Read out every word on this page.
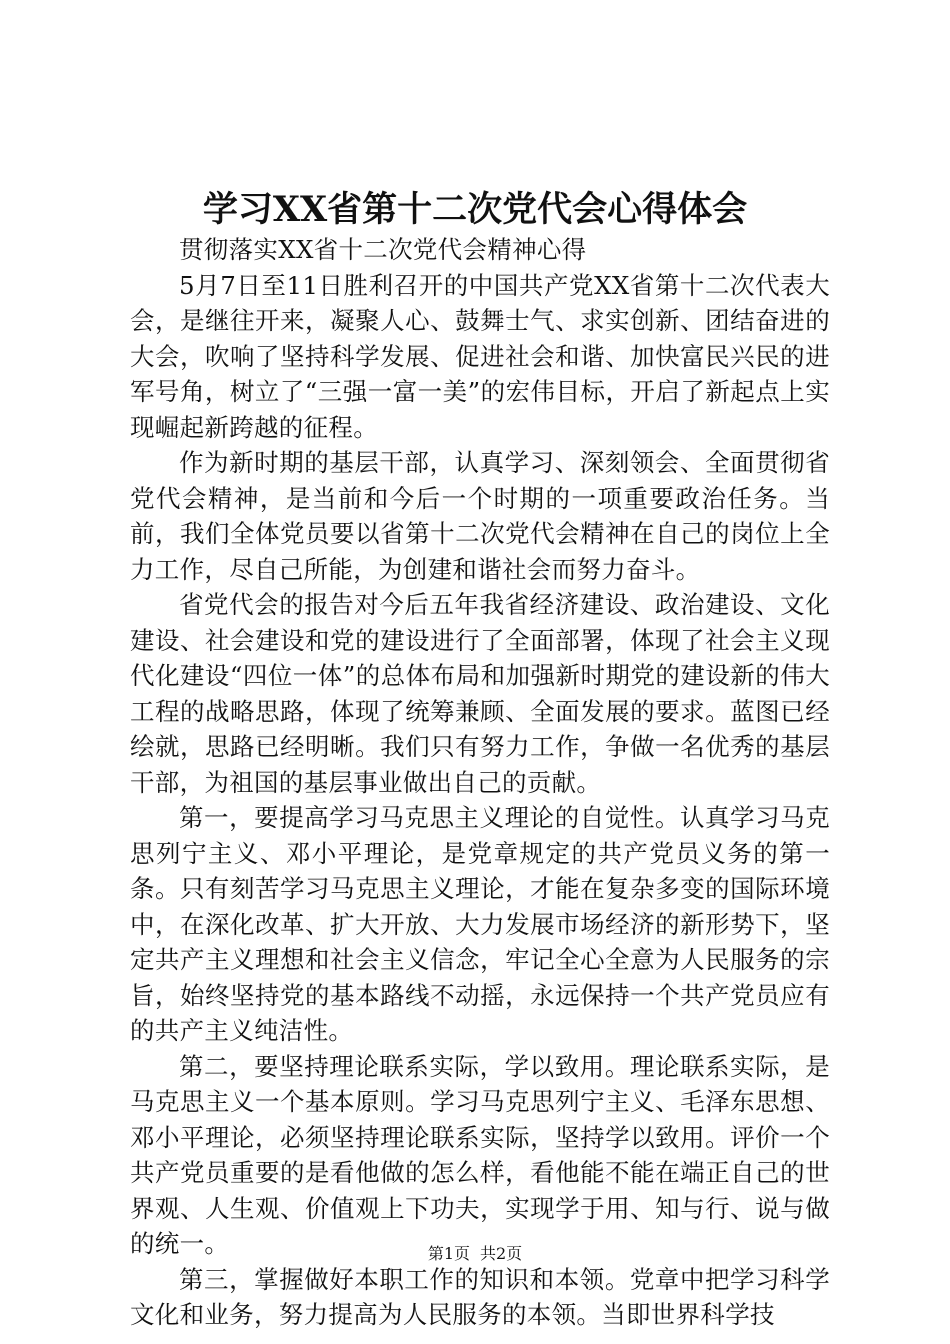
学习XX省第十二次党代会心得体会

贯彻落实XX省十二次党代会精神心得

5月7日至11日胜利召开的中国共产党XX省第十二次代表大会，是继往开来，凝聚人心、鼓舞士气、求实创新、团结奋进的大会，吹响了坚持科学发展、促进社会和谐、加快富民兴民的进军号角，树立了“三强一富一美”的宏伟目标，开启了新起点上实现崛起新跨越的征程。

作为新时期的基层干部，认真学习、深刻领会、全面贯彻省党代会精神，是当前和今后一个时期的一项重要政治任务。当前，我们全体党员要以省第十二次党代会精神在自己的岗位上全力工作，尽自己所能，为创建和谐社会而努力奋斗。

省党代会的报告对今后五年我省经济建设、政治建设、文化建设、社会建设和党的建设进行了全面部署，体现了社会主义现代化建设“四位一体”的总体布局和加强新时期党的建设新的伟大工程的战略思路，体现了统筹兼顾、全面发展的要求。蓝图已经绘就，思路已经明晰。我们只有努力工作，争做一名优秀的基层干部，为祖国的基层事业做出自己的贡献。

第一，要提高学习马克思主义理论的自觉性。认真学习马克思列宁主义、邓小平理论，是党章规定的共产党员义务的第一条。只有刻苦学习马克思主义理论，才能在复杂多变的国际环境中，在深化改革、扩大开放、大力发展市场经济的新形势下，坚定共产主义理想和社会主义信念，牢记全心全意为人民服务的宗旨，始终坚持党的基本路线不动摇，永远保持一个共产党员应有的共产主义纯洁性。

第二，要坚持理论联系实际，学以致用。理论联系实际，是马克思主义一个基本原则。学习马克思列宁主义、毛泽东思想、邓小平理论，必须坚持理论联系实际，坚持学以致用。评价一个共产党员重要的是看他做的怎么样，看他能不能在端正自己的世界观、人生观、价值观上下功夫，实现学于用、知与行、说与做的统一。

第三，掌握做好本职工作的知识和本领。党章中把学习科学文化和业务，努力提高为人民服务的本领。当即世界科学技

第1页 共2页
